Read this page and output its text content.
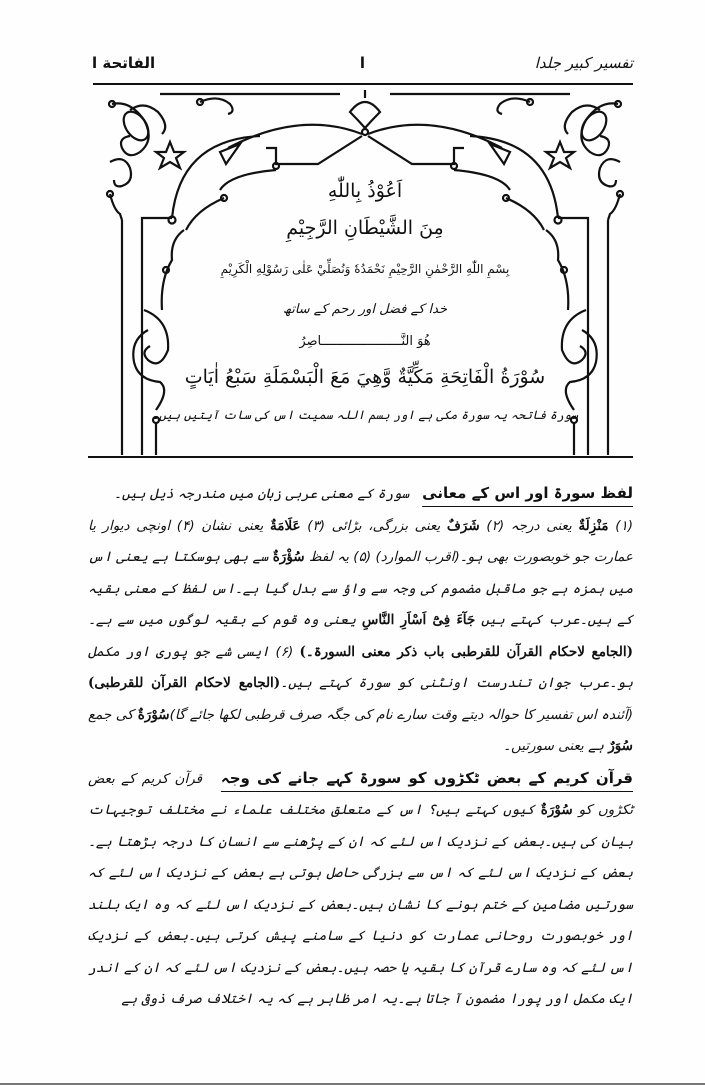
تفسیر کبیر جلدا
ا
الفاتحة ا
اَعُوْذُ بِاللّٰهِ
مِنَ الشَّيْطَانِ الرَّجِيْمِ
بِسْمِ اللّٰهِ الرَّحْمٰنِ الرَّحِيْمِ نَحْمَدُهٗ وَنُصَلِّيْ عَلٰى رَسُوْلِهِ الْكَرِيْمِ
خدا کے فضل اور رحم کے ساتھ
ھُوَ النَّـــــــــــــــــــــاصِرُ
سُوْرَةُ الْفَاتِحَةِ مَكِّيَّةٌ وَّهِيَ مَعَ الْبَسْمَلَةِ سَبْعُ اٰيَاتٍ
سورۃ فاتحہ یہ سورۃ مکی ہے اور بسم اللہ سمیت اس کی سات آیتیں ہیں۔

لفظ سورۃ اور اس کے معانی   سورۃ کے معنی عربی زبان میں مندرجہ ذیل ہیں۔
(۱) مَنْزِلَةٌ یعنی درجہ (۲) شَرَفٌ یعنی بزرگی، بڑائی (۳) عَلَامَةٌ یعنی نشان (۴) اونچی دیوار یا عمارت جو خوبصورت بھی ہو۔(اقرب الموارد) (۵) یہ لفظ سُؤْرَةٌ سے بھی ہوسکتا ہے یعنی اس میں ہمزہ ہے جو ماقبل مضموم کی وجہ سے واؤ سے بدل گیا ہے۔اس لفظ کے معنی بقیہ کے ہیں۔عرب کہتے ہیں جَآءَ فِیْٓ اَسْاَرِ النَّاسِ یعنی وہ قوم کے بقیہ لوگوں میں سے ہے۔(الجامع لاحکام القرآن للقرطبی باب ذکر معنی السورۃ۔) (۶) ایسی شے جو پوری اور مکمل ہو۔عرب جوان تندرست اونٹنی کو سورۃ کہتے ہیں۔(الجامع لاحکام القرآن للقرطبی) (آئندہ اس تفسیر کا حوالہ دیتے وقت سارے نام کی جگہ صرف قرطبی لکھا جائے گا)سُوْرَةٌ کی جمع سُوَرٌ ہے یعنی سورتیں۔

قرآن کریم کے بعض ٹکڑوں کو سورۃ کہے جانے کی وجہ   قرآن کریم کے بعض ٹکڑوں کو سُوْرَةٌ کیوں کہتے ہیں؟ اس کے متعلق مختلف علماء نے مختلف توجیہات بیان کی ہیں۔بعض کے نزدیک اس لئے کہ ان کے پڑھنے سے انسان کا درجہ بڑھتا ہے۔بعض کے نزدیک اس لئے کہ اس سے بزرگی حاصل ہوتی ہے بعض کے نزدیک اس لئے کہ سورتیں مضامین کے ختم ہونے کا نشان ہیں۔بعض کے نزدیک اس لئے کہ وہ ایک بلند اور خوبصورت روحانی عمارت کو دنیا کے سامنے پیش کرتی ہیں۔بعض کے نزدیک اس لئے کہ وہ سارے قرآن کا بقیہ یا حصہ ہیں۔بعض کے نزدیک اس لئے کہ ان کے اندر ایک مکمل اور پورا مضمون آ جاتا ہے۔یہ امر ظاہر ہے کہ یہ اختلاف صرف ذوقی ہے
